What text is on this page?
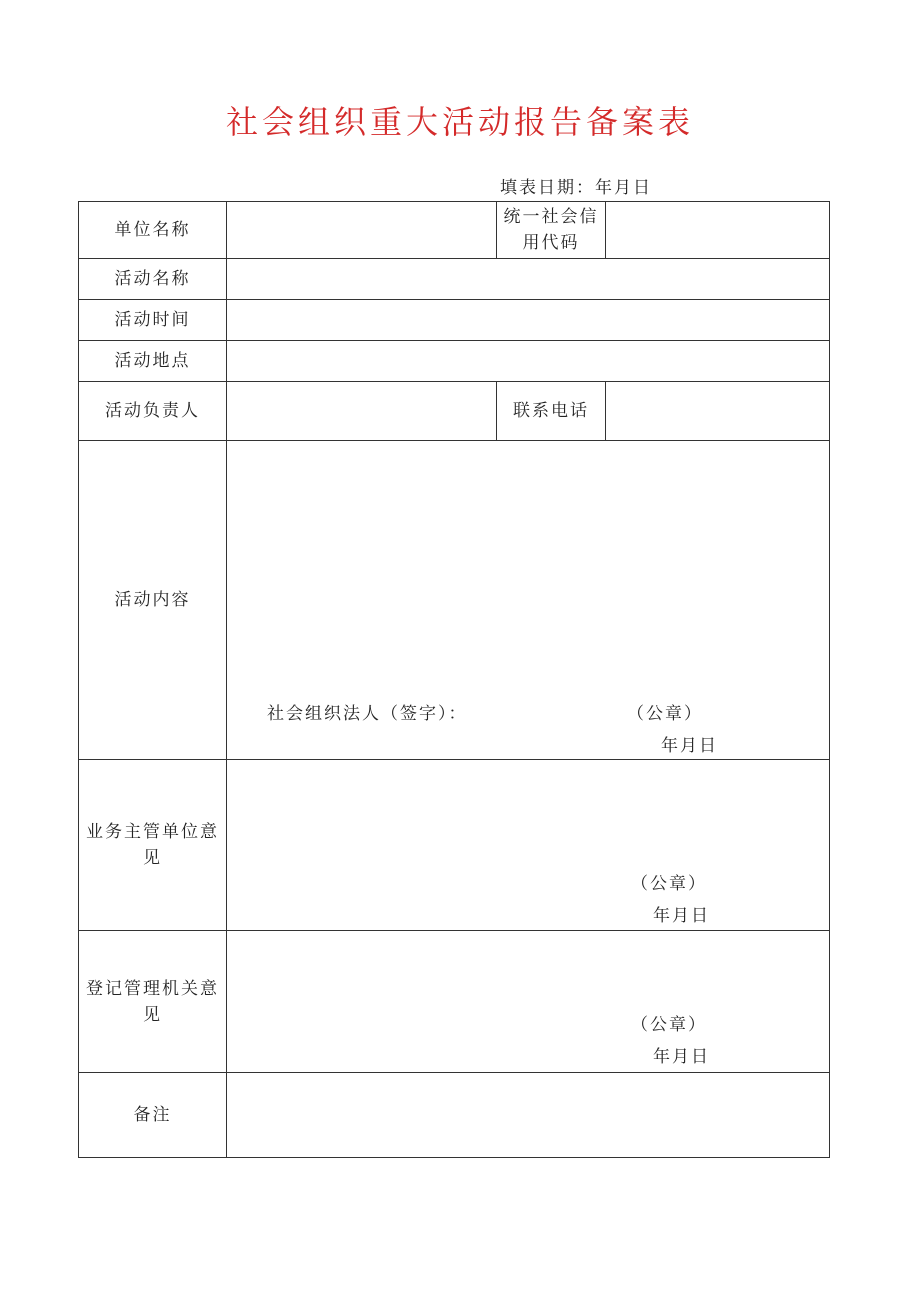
社会组织重大活动报告备案表
填表日期：年月日
单位名称		统一社会信用代码	
活动名称			
活动时间			
活动地点			
活动负责人		联系电话	
活动内容	社会组织法人（签字）： （公章）
年月日		

业务主管单位意见	（公章）
年月日		

登记管理机关意见	（公章）
年月日		

备注			
